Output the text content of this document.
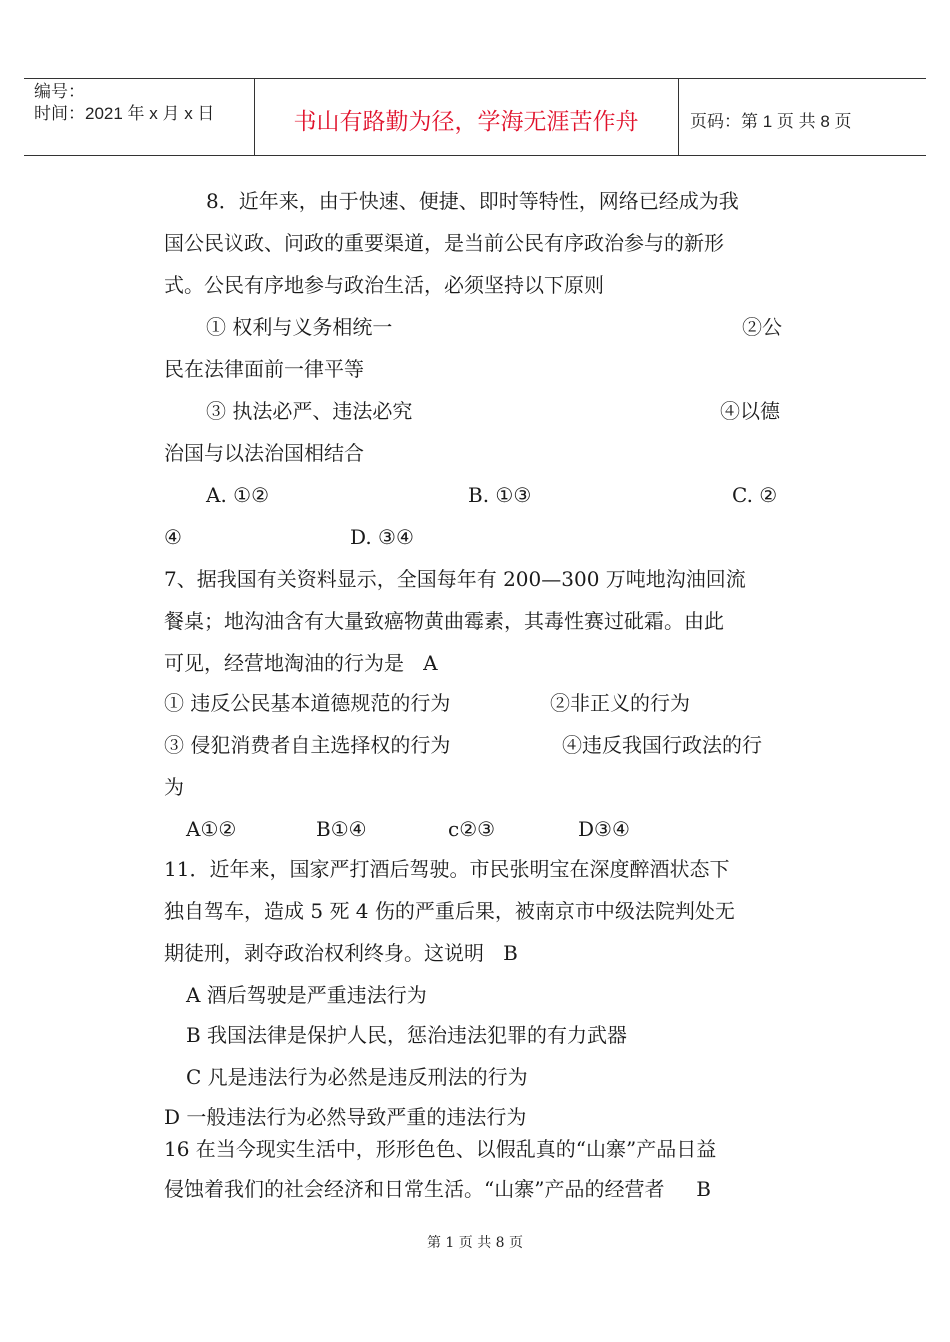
编号：
时间：2021 年 x 月 x 日	书山有路勤为径，学海无涯苦作舟	页码：第 1 页 共 8 页
8．近年来，由于快速、便捷、即时等特性，网络已经成为我
国公民议政、问政的重要渠道，是当前公民有序政治参与的新形
式。公民有序地参与政治生活，必须坚持以下原则
① 权利与义务相统一	②公
民在法律面前一律平等
③ 执法必严、违法必究	④以德
治国与以法治国相结合
A. ①②	B. ①③	C. ②
④	D. ③④
7、据我国有关资料显示，全国每年有 200—300 万吨地沟油回流
餐桌；地沟油含有大量致癌物黄曲霉素，其毒性赛过砒霜。由此
可见，经营地淘油的行为是   A
① 违反公民基本道德规范的行为	②非正义的行为
③ 侵犯消费者自主选择权的行为	④违反我国行政法的行
为
A①②	B①④	c②③	D③④
11．近年来，国家严打酒后驾驶。市民张明宝在深度醉酒状态下
独自驾车，造成 5 死 4 伤的严重后果，被南京市中级法院判处无
期徒刑，剥夺政治权利终身。这说明   B
A 酒后驾驶是严重违法行为
B 我国法律是保护人民，惩治违法犯罪的有力武器
C 凡是违法行为必然是违反刑法的行为
D 一般违法行为必然导致严重的违法行为
16 在当今现实生活中，形形色色、以假乱真的“山寨”产品日益
侵蚀着我们的社会经济和日常生活。“山寨”产品的经营者     B
第 1 页 共 8 页
